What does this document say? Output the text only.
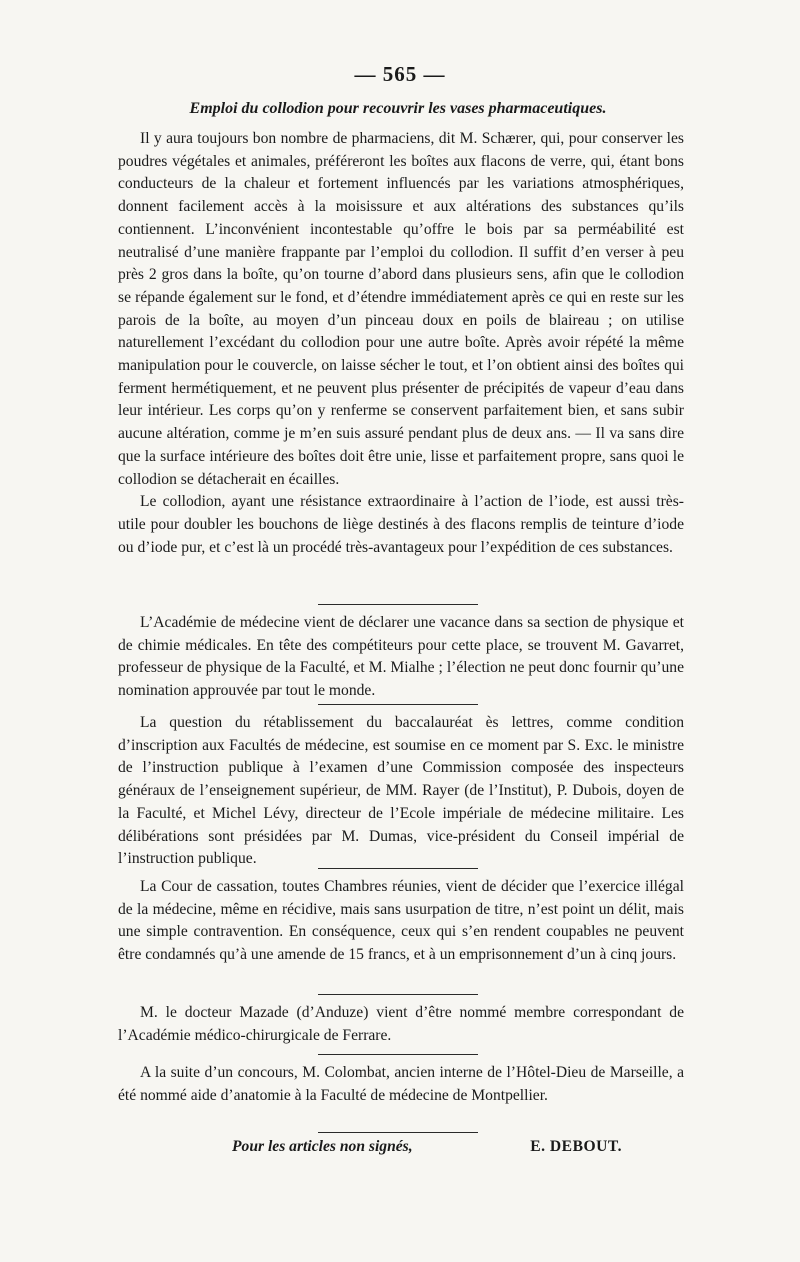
— 565 —
Emploi du collodion pour recouvrir les vases pharmaceutiques.

Il y aura toujours bon nombre de pharmaciens, dit M. Schærer, qui, pour conserver les poudres végétales et animales, préféreront les boîtes aux flacons de verre, qui, étant bons conducteurs de la chaleur et fortement influencés par les variations atmosphériques, donnent facilement accès à la moisissure et aux altérations des substances qu’ils contiennent. L’inconvénient incontestable qu’offre le bois par sa perméabilité est neutralisé d’une manière frappante par l’emploi du collodion. Il suffit d’en verser à peu près 2 gros dans la boîte, qu’on tourne d’abord dans plusieurs sens, afin que le collodion se répande également sur le fond, et d’étendre immédiatement après ce qui en reste sur les parois de la boîte, au moyen d’un pinceau doux en poils de blaireau ; on utilise naturellement l’excédant du collodion pour une autre boîte. Après avoir répété la même manipulation pour le couvercle, on laisse sécher le tout, et l’on obtient ainsi des boîtes qui ferment hermétiquement, et ne peuvent plus présenter de précipités de vapeur d’eau dans leur intérieur. Les corps qu’on y renferme se conservent parfaitement bien, et sans subir aucune altération, comme je m’en suis assuré pendant plus de deux ans. — Il va sans dire que la surface intérieure des boîtes doit être unie, lisse et parfaitement propre, sans quoi le collodion se détacherait en écailles.

Le collodion, ayant une résistance extraordinaire à l’action de l’iode, est aussi très-utile pour doubler les bouchons de liège destinés à des flacons remplis de teinture d’iode ou d’iode pur, et c’est là un procédé très-avantageux pour l’expédition de ces substances.

L’Académie de médecine vient de déclarer une vacance dans sa section de physique et de chimie médicales. En tête des compétiteurs pour cette place, se trouvent M. Gavarret, professeur de physique de la Faculté, et M. Mialhe ; l’élection ne peut donc fournir qu’une nomination approuvée par tout le monde.

La question du rétablissement du baccalauréat ès lettres, comme condition d’inscription aux Facultés de médecine, est soumise en ce moment par S. Exc. le ministre de l’instruction publique à l’examen d’une Commission composée des inspecteurs généraux de l’enseignement supérieur, de MM. Rayer (de l’Institut), P. Dubois, doyen de la Faculté, et Michel Lévy, directeur de l’Ecole impériale de médecine militaire. Les délibérations sont présidées par M. Dumas, vice-président du Conseil impérial de l’instruction publique.

La Cour de cassation, toutes Chambres réunies, vient de décider que l’exercice illégal de la médecine, même en récidive, mais sans usurpation de titre, n’est point un délit, mais une simple contravention. En conséquence, ceux qui s’en rendent coupables ne peuvent être condamnés qu’à une amende de 15 francs, et à un emprisonnement d’un à cinq jours.

M. le docteur Mazade (d’Anduze) vient d’être nommé membre correspondant de l’Académie médico-chirurgicale de Ferrare.

A la suite d’un concours, M. Colombat, ancien interne de l’Hôtel-Dieu de Marseille, a été nommé aide d’anatomie à la Faculté de médecine de Montpellier.

Pour les articles non signés,	E. DEBOUT.
